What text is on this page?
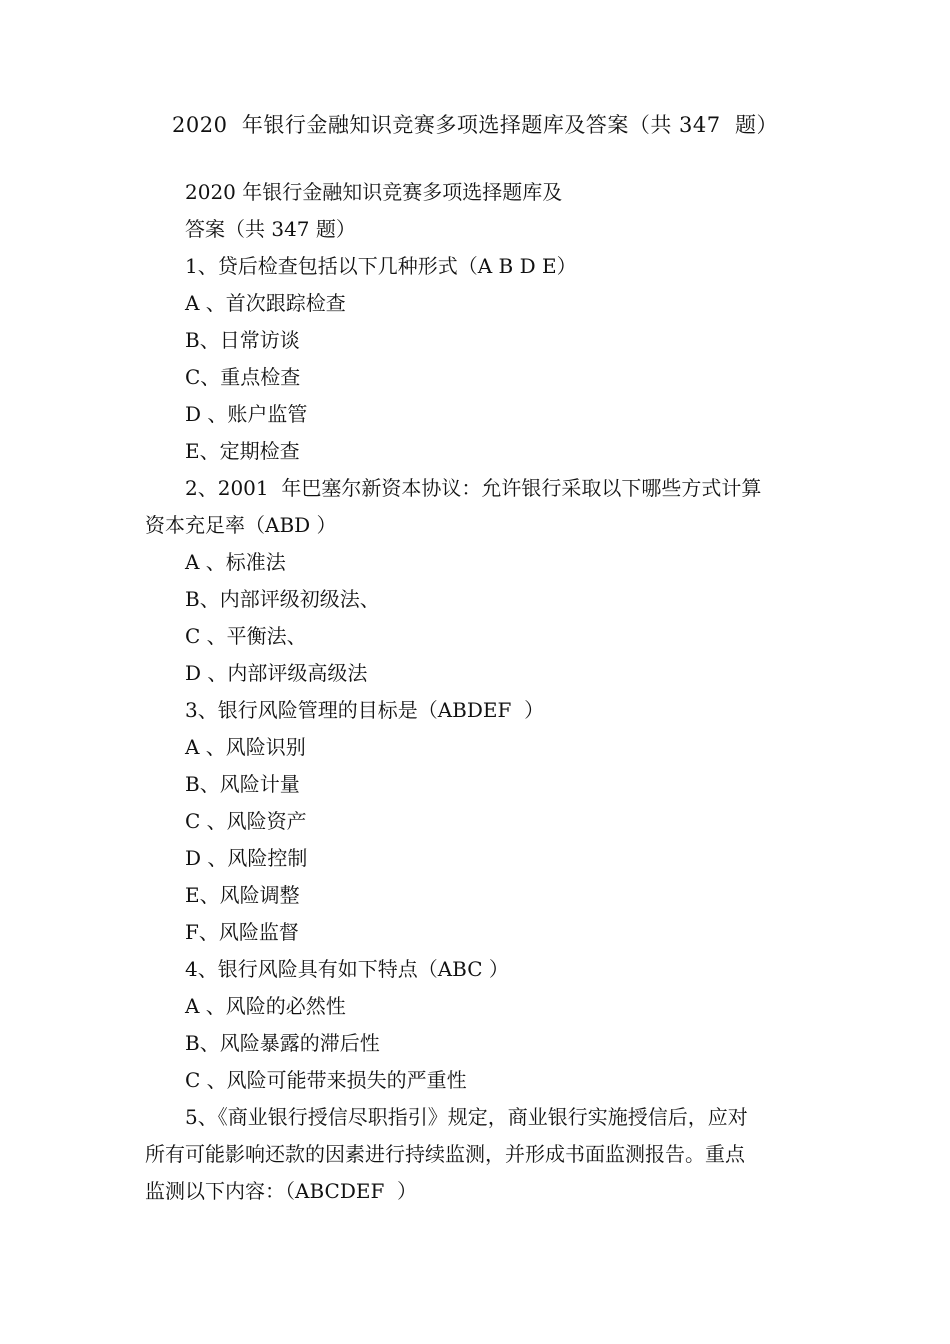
2020  年银行金融知识竞赛多项选择题库及答案（共 347  题）
2020 年银行金融知识竞赛多项选择题库及
答案（共 347 题）
1、贷后检查包括以下几种形式（A B D E）
A 、首次跟踪检查
B、日常访谈
C、重点检查
D 、账户监管
E、定期检查
2、2001  年巴塞尔新资本协议：允许银行采取以下哪些方式计算
资本充足率（ABD ）
A 、标准法
B、内部评级初级法、
C 、平衡法、
D 、内部评级高级法
3、银行风险管理的目标是（ABDEF  ）
A 、风险识别
B、风险计量
C 、风险资产
D 、风险控制
E、风险调整
F、风险监督
4、银行风险具有如下特点（ABC ）
A 、风险的必然性
B、风险暴露的滞后性
C 、风险可能带来损失的严重性
5、《商业银行授信尽职指引》规定，商业银行实施授信后，应对
所有可能影响还款的因素进行持续监测，并形成书面监测报告。重点
监测以下内容：（ABCDEF  ）
